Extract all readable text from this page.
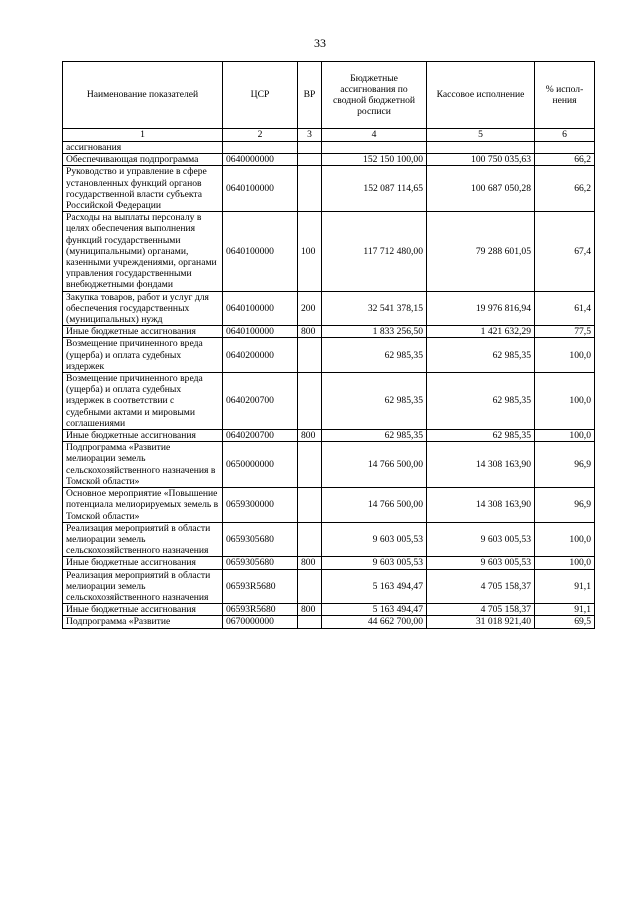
33
Наименование показателей	ЦСР	ВР	Бюджетные ассигнования по сводной бюджетной росписи	Кассовое исполнение	% испол-нения
1	2	3	4	5	6
ассигнования					
Обеспечивающая подпрограмма	0640000000		152 150 100,00	100 750 035,63	66,2
Руководство и управление в сфере установленных функций органов государственной власти субъекта Российской Федерации	0640100000		152 087 114,65	100 687 050,28	66,2
Расходы на выплаты персоналу в целях обеспечения выполнения функций государственными (муниципальными) органами, казенными учреждениями, органами управления государственными внебюджетными фондами	0640100000	100	117 712 480,00	79 288 601,05	67,4
Закупка товаров, работ и услуг для обеспечения государственных (муниципальных) нужд	0640100000	200	32 541 378,15	19 976 816,94	61,4
Иные бюджетные ассигнования	0640100000	800	1 833 256,50	1 421 632,29	77,5
Возмещение причиненного вреда (ущерба) и оплата судебных издержек	0640200000		62 985,35	62 985,35	100,0
Возмещение причиненного вреда (ущерба) и оплата судебных издержек в соответствии с судебными актами и мировыми соглашениями	0640200700		62 985,35	62 985,35	100,0
Иные бюджетные ассигнования	0640200700	800	62 985,35	62 985,35	100,0
Подпрограмма «Развитие мелиорации земель сельскохозяйственного назначения в Томской области»	0650000000		14 766 500,00	14 308 163,90	96,9
Основное мероприятие «Повышение потенциала мелиорируемых земель в Томской области»	0659300000		14 766 500,00	14 308 163,90	96,9
Реализация мероприятий в области мелиорации земель сельскохозяйственного назначения	0659305680		9 603 005,53	9 603 005,53	100,0
Иные бюджетные ассигнования	0659305680	800	9 603 005,53	9 603 005,53	100,0
Реализация мероприятий в области мелиорации земель сельскохозяйственного назначения	06593R5680		5 163 494,47	4 705 158,37	91,1
Иные бюджетные ассигнования	06593R5680	800	5 163 494,47	4 705 158,37	91,1
Подпрограмма «Развитие	0670000000		44 662 700,00	31 018 921,40	69,5
